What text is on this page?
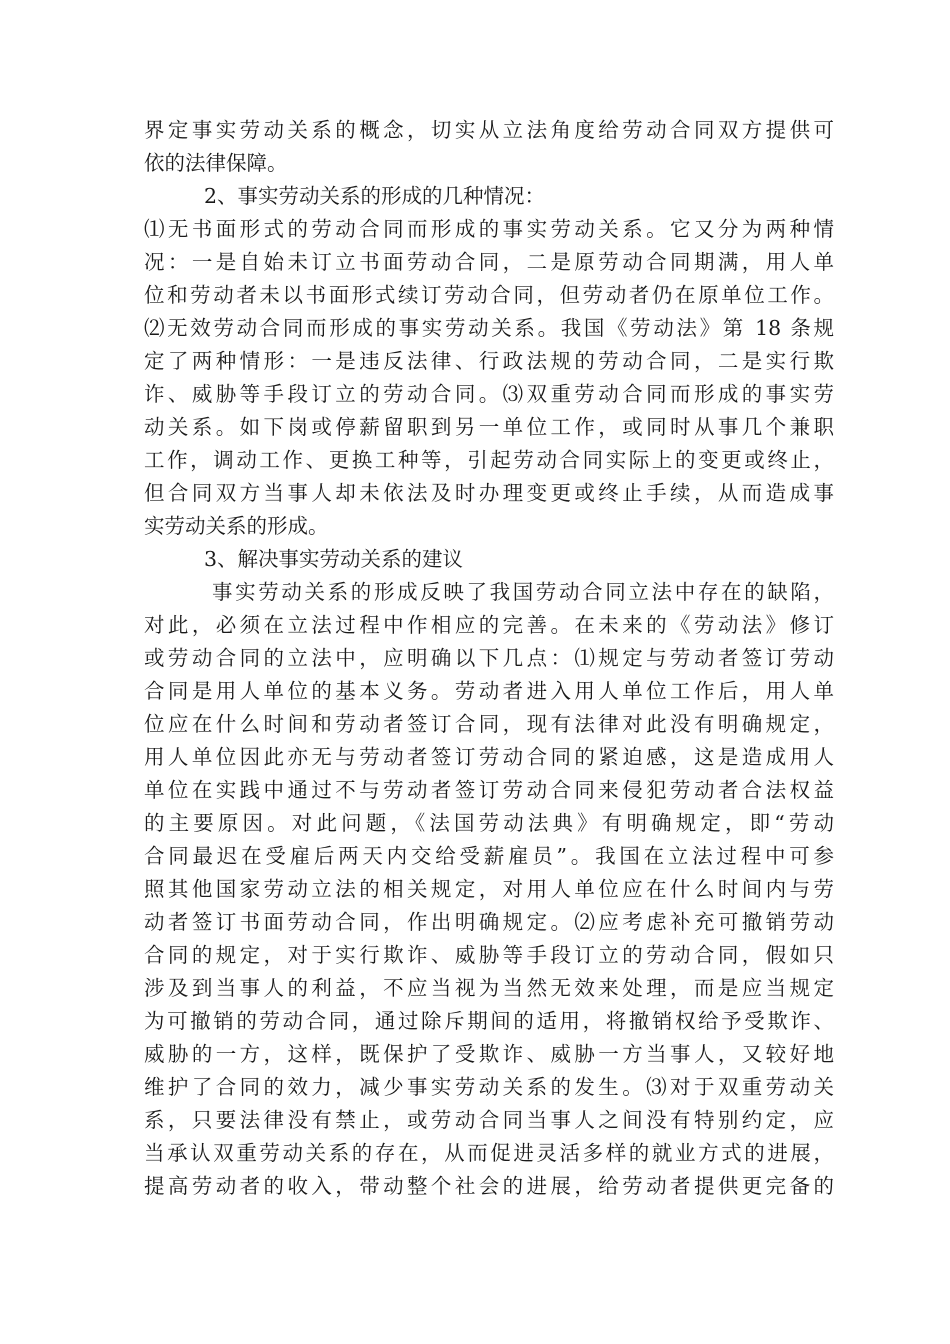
界定事实劳动关系的概念，切实从立法角度给劳动合同双方提供可
依的法律保障。
2、事实劳动关系的形成的几种情况：
⑴无书面形式的劳动合同而形成的事实劳动关系。它又分为两种情
况：一是自始未订立书面劳动合同，二是原劳动合同期满，用人单
位和劳动者未以书面形式续订劳动合同，但劳动者仍在原单位工作。
⑵无效劳动合同而形成的事实劳动关系。我国《劳动法》第 18 条规
定了两种情形：一是违反法律、行政法规的劳动合同，二是实行欺
诈、威胁等手段订立的劳动合同。⑶双重劳动合同而形成的事实劳
动关系。如下岗或停薪留职到另一单位工作，或同时从事几个兼职
工作，调动工作、更换工种等，引起劳动合同实际上的变更或终止，
但合同双方当事人却未依法及时办理变更或终止手续，从而造成事
实劳动关系的形成。
3、解决事实劳动关系的建议
事实劳动关系的形成反映了我国劳动合同立法中存在的缺陷，
对此，必须在立法过程中作相应的完善。在未来的《劳动法》修订
或劳动合同的立法中，应明确以下几点：⑴规定与劳动者签订劳动
合同是用人单位的基本义务。劳动者进入用人单位工作后，用人单
位应在什么时间和劳动者签订合同，现有法律对此没有明确规定，
用人单位因此亦无与劳动者签订劳动合同的紧迫感，这是造成用人
单位在实践中通过不与劳动者签订劳动合同来侵犯劳动者合法权益
的主要原因。对此问题，《法国劳动法典》有明确规定，即“劳动
合同最迟在受雇后两天内交给受薪雇员”。我国在立法过程中可参
照其他国家劳动立法的相关规定，对用人单位应在什么时间内与劳
动者签订书面劳动合同，作出明确规定。⑵应考虑补充可撤销劳动
合同的规定，对于实行欺诈、威胁等手段订立的劳动合同，假如只
涉及到当事人的利益，不应当视为当然无效来处理，而是应当规定
为可撤销的劳动合同，通过除斥期间的适用，将撤销权给予受欺诈、
威胁的一方，这样，既保护了受欺诈、威胁一方当事人，又较好地
维护了合同的效力，减少事实劳动关系的发生。⑶对于双重劳动关
系，只要法律没有禁止，或劳动合同当事人之间没有特别约定，应
当承认双重劳动关系的存在，从而促进灵活多样的就业方式的进展，
提高劳动者的收入，带动整个社会的进展，给劳动者提供更完备的
